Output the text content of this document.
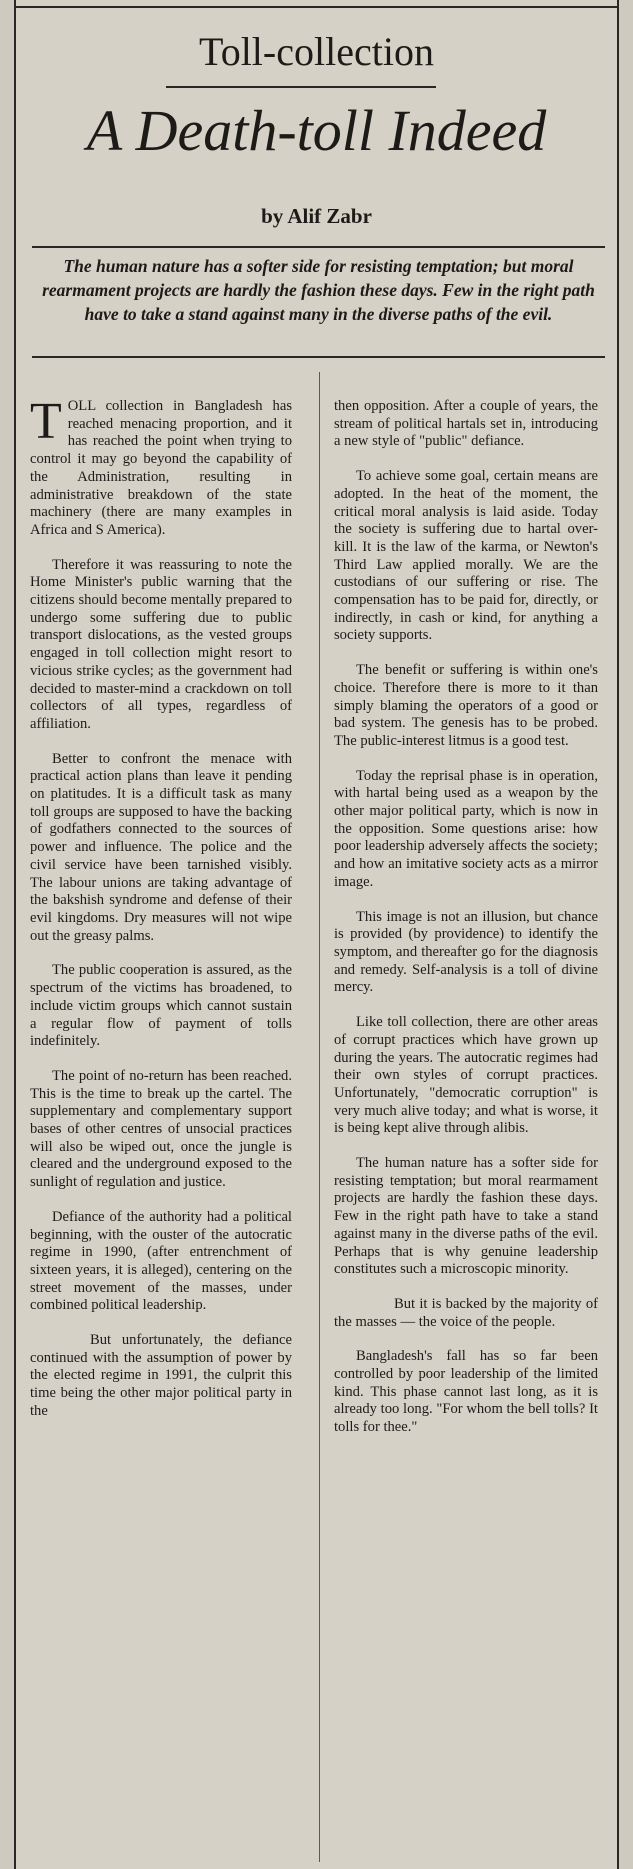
Toll-collection
A Death-toll Indeed
by Alif Zabr
The human nature has a softer side for resisting temptation; but moral rearmament projects are hardly the fashion these days. Few in the right path have to take a stand against many in the diverse paths of the evil.

TOLL collection in Bangladesh has reached menacing proportion, and it has reached the point when trying to control it may go beyond the capability of the Administration, resulting in administrative breakdown of the state machinery (there are many examples in Africa and S America).

Therefore it was reassuring to note the Home Minister's public warning that the citizens should become mentally prepared to undergo some suffering due to public transport dislocations, as the vested groups engaged in toll collection might resort to vicious strike cycles; as the government had decided to master-mind a crackdown on toll collectors of all types, regardless of affiliation.

Better to confront the menace with practical action plans than leave it pending on platitudes. It is a difficult task as many toll groups are supposed to have the backing of godfathers connected to the sources of power and influence. The police and the civil service have been tarnished visibly. The labour unions are taking advantage of the bakshish syndrome and defense of their evil kingdoms. Dry measures will not wipe out the greasy palms.

The public cooperation is assured, as the spectrum of the victims has broadened, to include victim groups which cannot sustain a regular flow of payment of tolls indefinitely.

The point of no-return has been reached. This is the time to break up the cartel. The supplementary and complementary support bases of other centres of unsocial practices will also be wiped out, once the jungle is cleared and the underground exposed to the sunlight of regulation and justice.

Defiance of the authority had a political beginning, with the ouster of the autocratic regime in 1990, (after entrenchment of sixteen years, it is alleged), centering on the street movement of the masses, under combined political leadership.

But unfortunately, the defiance continued with the assumption of power by the elected regime in 1991, the culprit this time being the other major political party in the

then opposition. After a couple of years, the stream of political hartals set in, introducing a new style of "public" defiance.

To achieve some goal, certain means are adopted. In the heat of the moment, the critical moral analysis is laid aside. Today the society is suffering due to hartal over-kill. It is the law of the karma, or Newton's Third Law applied morally. We are the custodians of our suffering or rise. The compensation has to be paid for, directly, or indirectly, in cash or kind, for anything a society supports.

The benefit or suffering is within one's choice. Therefore there is more to it than simply blaming the operators of a good or bad system. The genesis has to be probed. The public-interest litmus is a good test.

Today the reprisal phase is in operation, with hartal being used as a weapon by the other major political party, which is now in the opposition. Some questions arise: how poor leadership adversely affects the society; and how an imitative society acts as a mirror image.

This image is not an illusion, but chance is provided (by providence) to identify the symptom, and thereafter go for the diagnosis and remedy. Self-analysis is a toll of divine mercy.

Like toll collection, there are other areas of corrupt practices which have grown up during the years. The autocratic regimes had their own styles of corrupt practices. Unfortunately, "democratic corruption" is very much alive today; and what is worse, it is being kept alive through alibis.

The human nature has a softer side for resisting temptation; but moral rearmament projects are hardly the fashion these days. Few in the right path have to take a stand against many in the diverse paths of the evil. Perhaps that is why genuine leadership constitutes such a microscopic minority.

But it is backed by the majority of the masses — the voice of the people.

Bangladesh's fall has so far been controlled by poor leadership of the limited kind. This phase cannot last long, as it is already too long. "For whom the bell tolls? It tolls for thee."
